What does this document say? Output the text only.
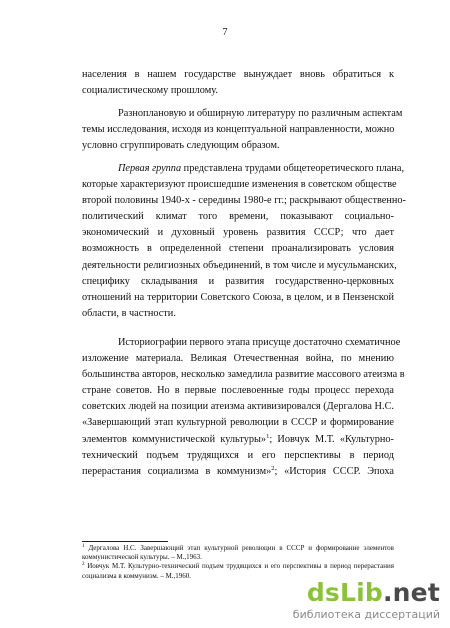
7
населения в нашем государстве вынуждает вновь обратиться к
социалистическому прошлому.
Разноплановую и обширную литературу по различным аспектам
темы исследования, исходя из концептуальной направленности, можно
условно сгруппировать следующим образом.
Первая группа представлена трудами общетеоретического плана,
которые характеризуют происшедшие изменения в советском обществе
второй половины 1940-х - середины 1980-е гг.; раскрывают общественно-
политический климат того времени, показывают социально-
экономический и духовный уровень развития СССР; что дает
возможность в определенной степени проанализировать условия
деятельности религиозных объединений, в том числе и мусульманских,
специфику складывания и развития государственно-церковных
отношений на территории Советского Союза, в целом, и в Пензенской
области, в частности.
Историографии первого этапа присуще достаточно схематичное
изложение материала. Великая Отечественная война, по мнению
большинства авторов, несколько замедлила развитие массового атеизма в
стране советов. Но в первые послевоенные годы процесс перехода
советских людей на позиции атеизма активизировался (Дергалова Н.С.
«Завершающий этап культурной революции в СССР и формирование
элементов коммунистической культуры»$^1$; Иовчук М.Т. «Культурно-
технический подъем трудящихся и его перспективы в период
перерастания социализма в коммунизм»$^2$; «История СССР. Эпоха
$^1$ Дергалова Н.С. Завершающий этап культурной революции в СССР и формирование элементов
коммунистической культуры. – М.,1963.
$^2$ Иовчук М.Т. Культурно-технический подъем трудящихся и его перспективы в период перерастания
социализма в коммунизм. – М.,1960.
dsLib.net
библиотека диссертаций
